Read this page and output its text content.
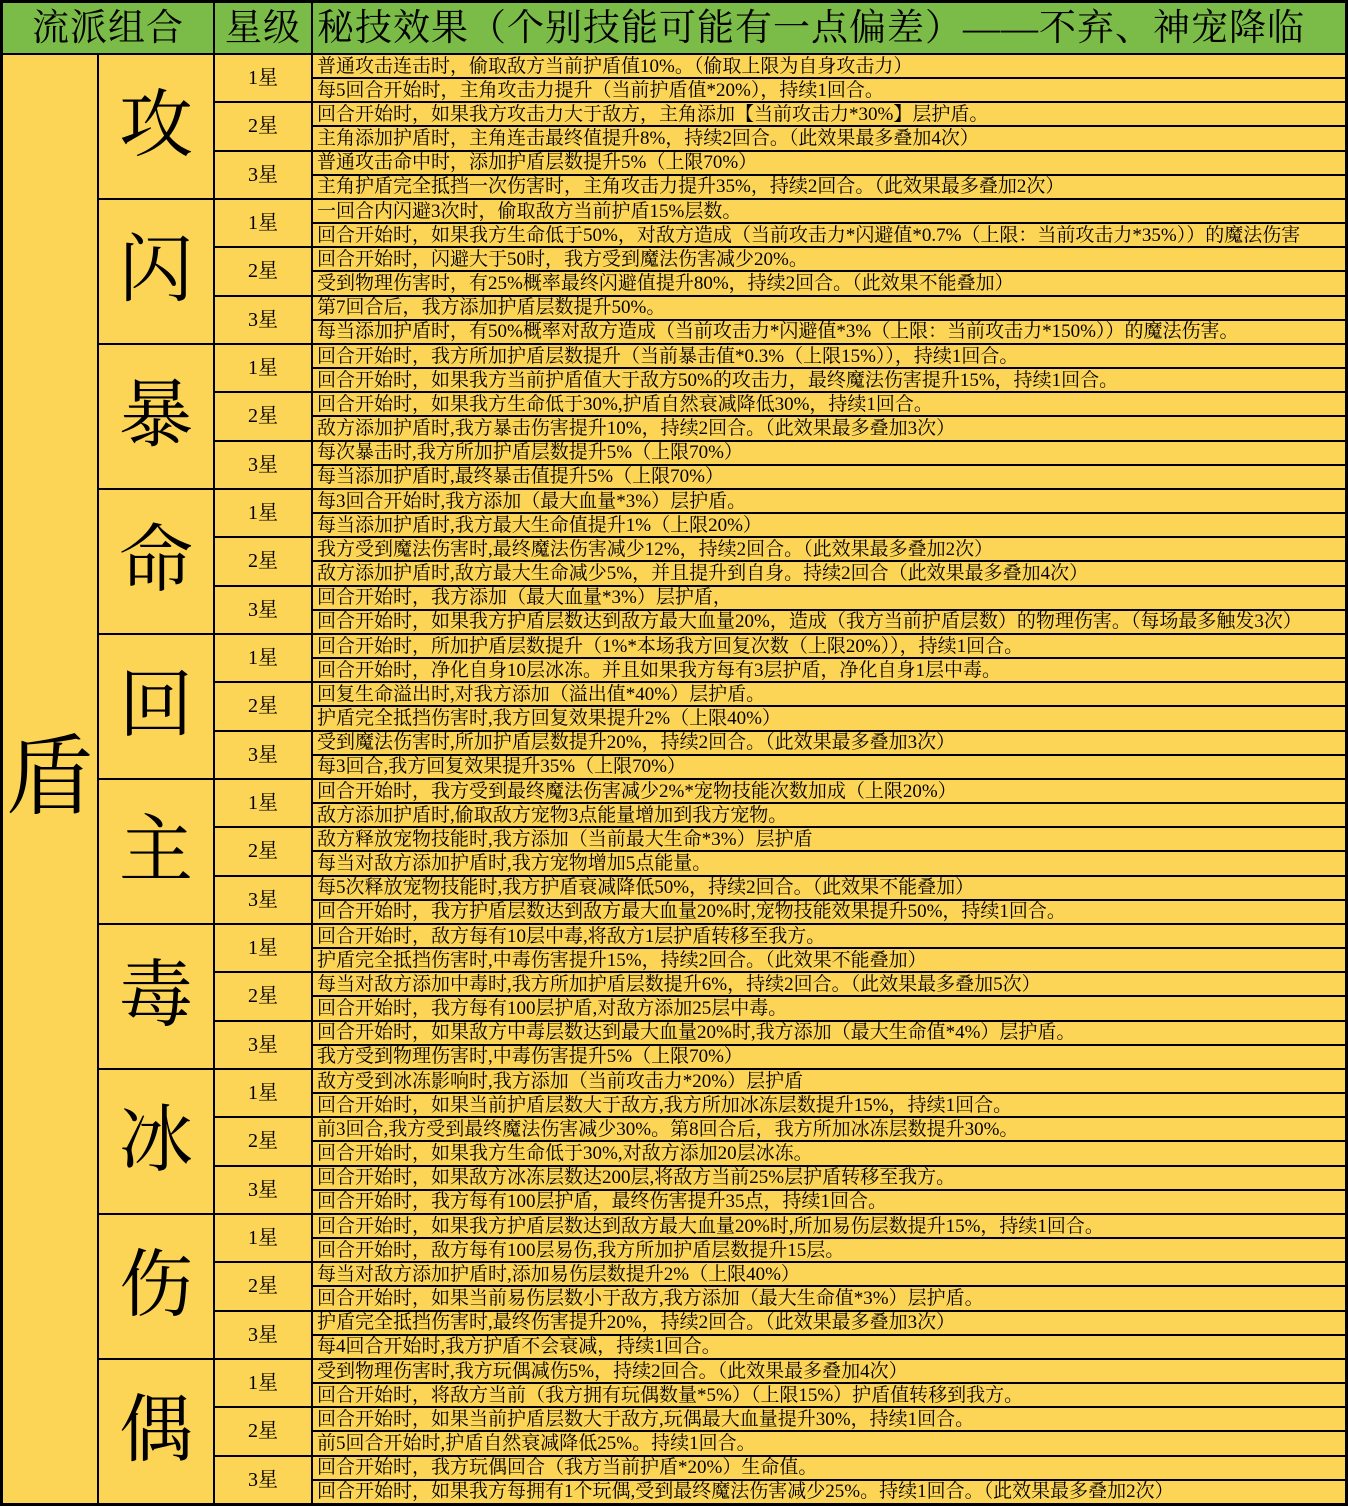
流派组合	星级 秘技效果（个别技能可能有一点偏差）——不弃、神宠降临
盾
攻
1星
普通攻击连击时，偷取敌方当前护盾值10%。（偷取上限为自身攻击力）
每5回合开始时，主角攻击力提升（当前护盾值*20%），持续1回合。
2星
回合开始时，如果我方攻击力大于敌方，主角添加【当前攻击力*30%】层护盾。
主角添加护盾时，主角连击最终值提升8%，持续2回合。（此效果最多叠加4次）
3星
普通攻击命中时，添加护盾层数提升5%（上限70%）
主角护盾完全抵挡一次伤害时，主角攻击力提升35%，持续2回合。（此效果最多叠加2次）
闪
1星
一回合内闪避3次时，偷取敌方当前护盾15%层数。
回合开始时，如果我方生命低于50%，对敌方造成（当前攻击力*闪避值*0.7%（上限：当前攻击力*35%））的魔法伤害
2星
回合开始时，闪避大于50时，我方受到魔法伤害减少20%。
受到物理伤害时，有25%概率最终闪避值提升80%，持续2回合。（此效果不能叠加）
3星
第7回合后，我方添加护盾层数提升50%。
每当添加护盾时，有50%概率对敌方造成（当前攻击力*闪避值*3%（上限：当前攻击力*150%））的魔法伤害。
暴
1星
回合开始时，我方所加护盾层数提升（当前暴击值*0.3%（上限15%）），持续1回合。
回合开始时，如果我方当前护盾值大于敌方50%的攻击力，最终魔法伤害提升15%，持续1回合。
2星
回合开始时，如果我方生命低于30%,护盾自然衰减降低30%，持续1回合。
敌方添加护盾时,我方暴击伤害提升10%，持续2回合。（此效果最多叠加3次）
3星
每次暴击时,我方所加护盾层数提升5%（上限70%）
每当添加护盾时,最终暴击值提升5%（上限70%）
命
1星
每3回合开始时,我方添加（最大血量*3%）层护盾。
每当添加护盾时,我方最大生命值提升1%（上限20%）
2星
我方受到魔法伤害时,最终魔法伤害减少12%，持续2回合。（此效果最多叠加2次）
敌方添加护盾时,敌方最大生命减少5%，并且提升到自身。持续2回合（此效果最多叠加4次）
3星
回合开始时，我方添加（最大血量*3%）层护盾，
回合开始时，如果我方护盾层数达到敌方最大血量20%，造成（我方当前护盾层数）的物理伤害。（每场最多触发3次）
回
1星
回合开始时，所加护盾层数提升（1%*本场我方回复次数（上限20%）），持续1回合。
回合开始时，净化自身10层冰冻。并且如果我方每有3层护盾，净化自身1层中毒。
2星
回复生命溢出时,对我方添加（溢出值*40%）层护盾。
护盾完全抵挡伤害时,我方回复效果提升2%（上限40%）
3星
受到魔法伤害时,所加护盾层数提升20%，持续2回合。（此效果最多叠加3次）
每3回合,我方回复效果提升35%（上限70%）
主
1星
回合开始时，我方受到最终魔法伤害减少2%*宠物技能次数加成（上限20%）
敌方添加护盾时,偷取敌方宠物3点能量增加到我方宠物。
2星
敌方释放宠物技能时,我方添加（当前最大生命*3%）层护盾
每当对敌方添加护盾时,我方宠物增加5点能量。
3星
每5次释放宠物技能时,我方护盾衰减降低50%，持续2回合。（此效果不能叠加）
回合开始时，我方护盾层数达到敌方最大血量20%时,宠物技能效果提升50%，持续1回合。
毒
1星
回合开始时，敌方每有10层中毒,将敌方1层护盾转移至我方。
护盾完全抵挡伤害时,中毒伤害提升15%，持续2回合。（此效果不能叠加）
2星
每当对敌方添加中毒时,我方所加护盾层数提升6%，持续2回合。（此效果最多叠加5次）
回合开始时，我方每有100层护盾,对敌方添加25层中毒。
3星
回合开始时，如果敌方中毒层数达到最大血量20%时,我方添加（最大生命值*4%）层护盾。
我方受到物理伤害时,中毒伤害提升5%（上限70%）
冰
1星
敌方受到冰冻影响时,我方添加（当前攻击力*20%）层护盾
回合开始时，如果当前护盾层数大于敌方,我方所加冰冻层数提升15%，持续1回合。
2星
前3回合,我方受到最终魔法伤害减少30%。第8回合后，我方所加冰冻层数提升30%。
回合开始时，如果我方生命低于30%,对敌方添加20层冰冻。
3星
回合开始时，如果敌方冰冻层数达200层,将敌方当前25%层护盾转移至我方。
回合开始时，我方每有100层护盾，最终伤害提升35点，持续1回合。
伤
1星
回合开始时，如果我方护盾层数达到敌方最大血量20%时,所加易伤层数提升15%，持续1回合。
回合开始时，敌方每有100层易伤,我方所加护盾层数提升15层。
2星
每当对敌方添加护盾时,添加易伤层数提升2%（上限40%）
回合开始时，如果当前易伤层数小于敌方,我方添加（最大生命值*3%）层护盾。
3星
护盾完全抵挡伤害时,最终伤害提升20%，持续2回合。（此效果最多叠加3次）
每4回合开始时,我方护盾不会衰减，持续1回合。
偶
1星
受到物理伤害时,我方玩偶减伤5%，持续2回合。（此效果最多叠加4次）
回合开始时，将敌方当前（我方拥有玩偶数量*5%）（上限15%）护盾值转移到我方。
2星
回合开始时，如果当前护盾层数大于敌方,玩偶最大血量提升30%，持续1回合。
前5回合开始时,护盾自然衰减降低25%。持续1回合。
3星
回合开始时，我方玩偶回合（我方当前护盾*20%）生命值。
回合开始时，如果我方每拥有1个玩偶,受到最终魔法伤害减少25%。持续1回合。（此效果最多叠加2次）
